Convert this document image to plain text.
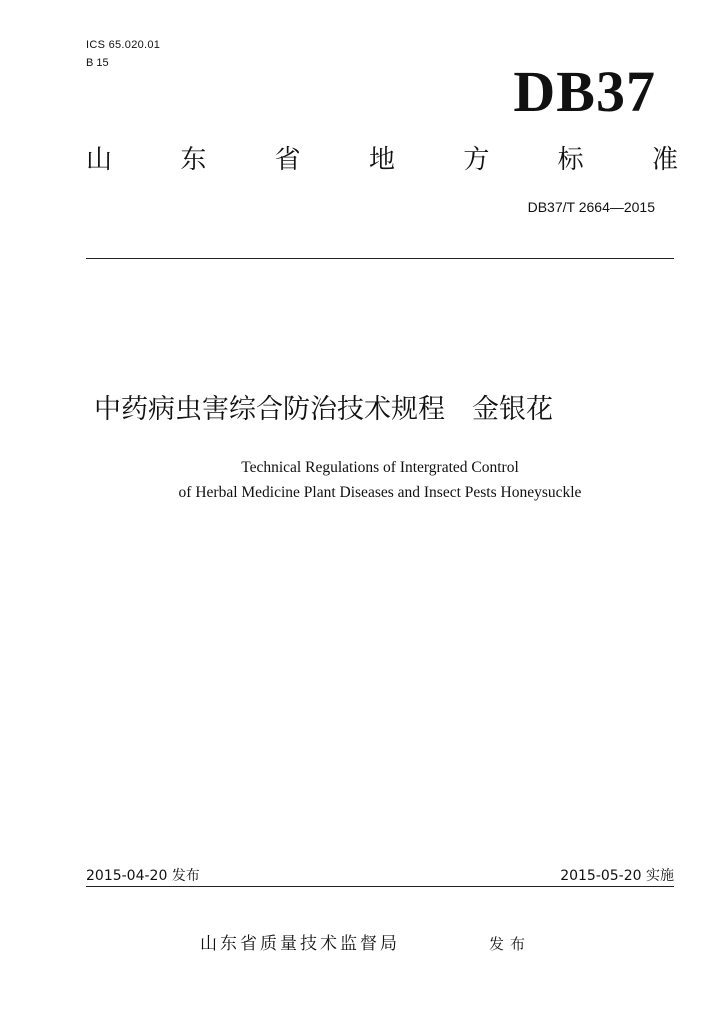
ICS 65.020.01
B 15	DB37
山	东	省	地	方	标	准
DB37/T 2664—2015
中药病虫害综合防治技术规程　金银花
Technical Regulations of Intergrated Control
of Herbal Medicine Plant Diseases and Insect Pests Honeysuckle
2015-04-20 发布	2015-05-20 实施
山东省质量技术监督局	发布
